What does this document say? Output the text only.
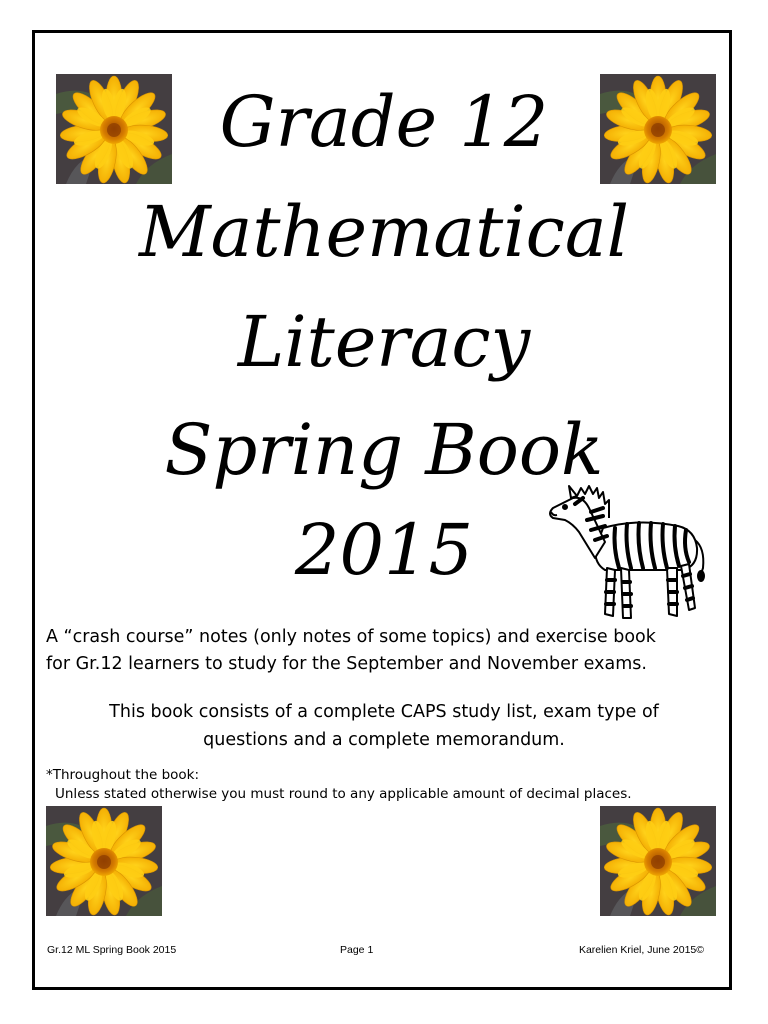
Grade 12
Mathematical
Literacy
Spring Book
2015
A “crash course” notes (only notes of some topics) and exercise book
for Gr.12 learners to study for the September and November exams.
This book consists of a complete CAPS study list, exam type of
questions and a complete memorandum.
*Throughout the book:
Unless stated otherwise you must round to any applicable amount of decimal places.
Gr.12 ML Spring Book 2015	Page 1	Karelien Kriel, June 2015©
